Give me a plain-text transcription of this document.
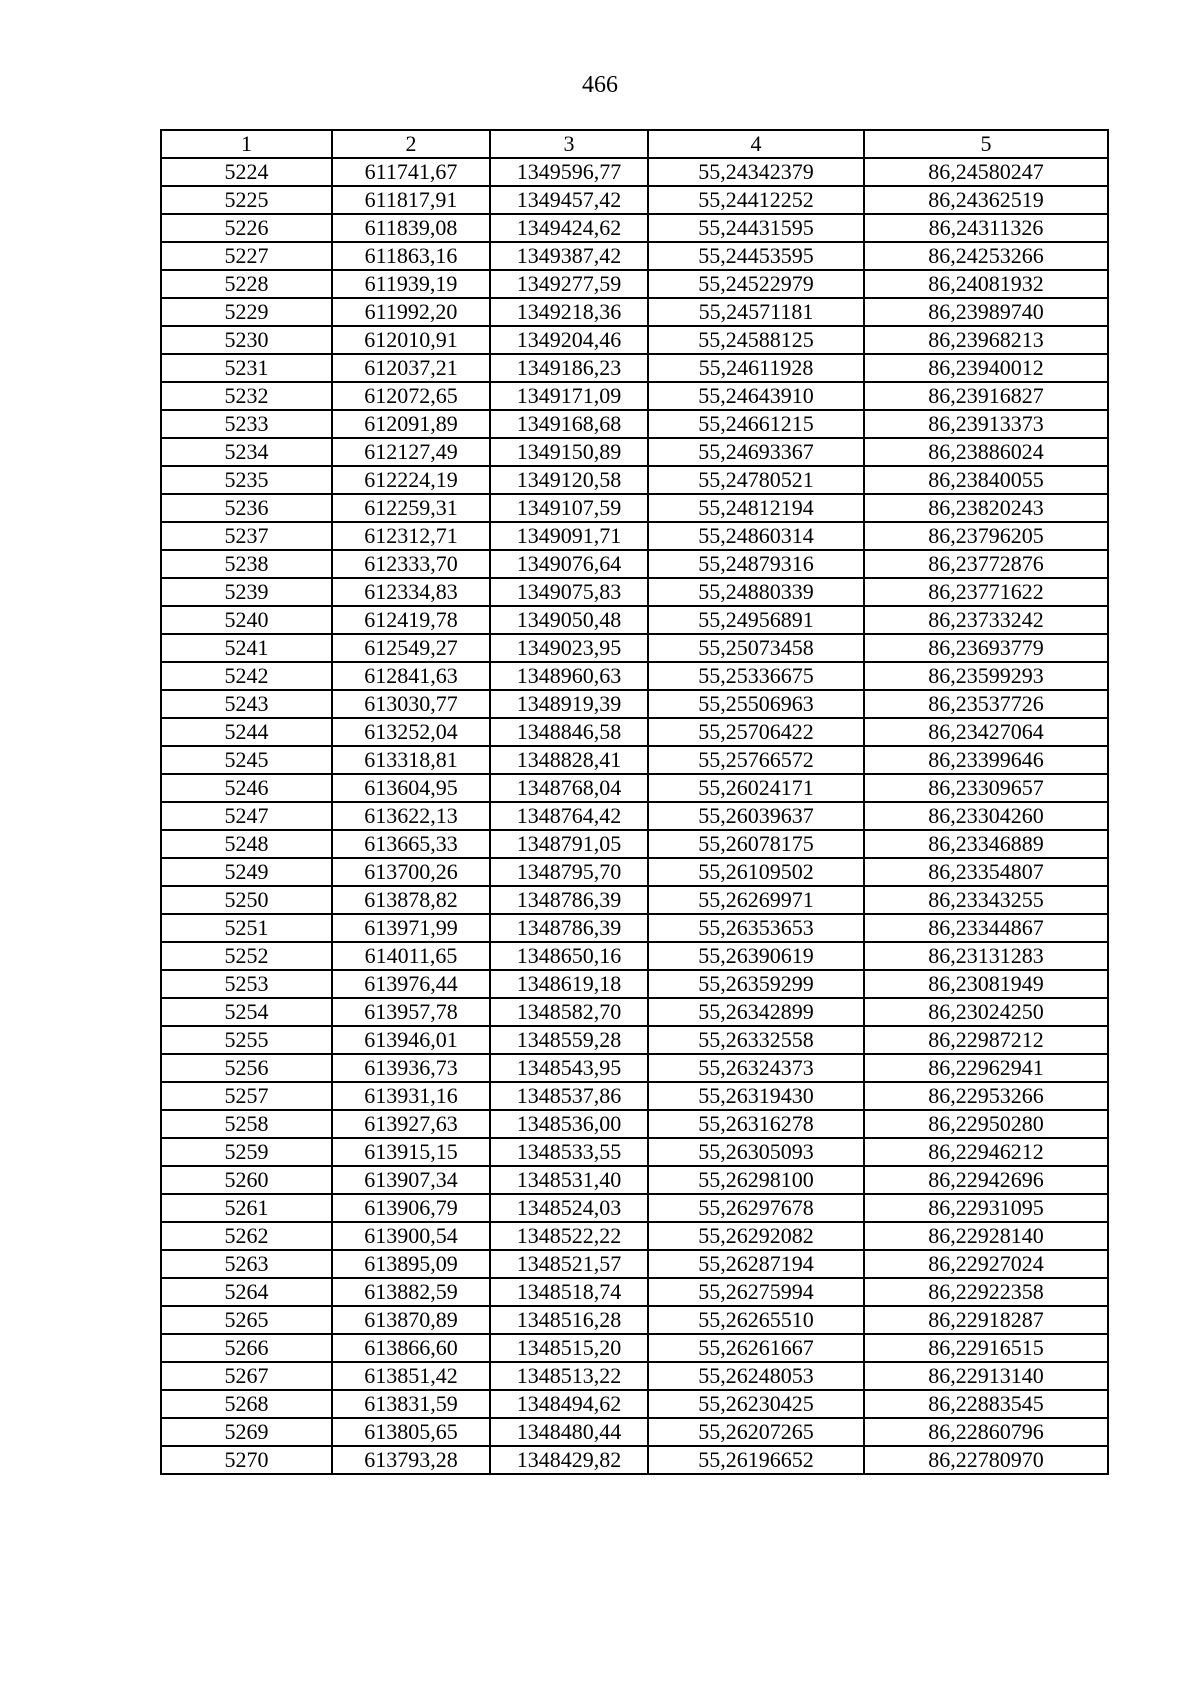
466
1	2	3	4	5
5224	611741,67	1349596,77	55,24342379	86,24580247
5225	611817,91	1349457,42	55,24412252	86,24362519
5226	611839,08	1349424,62	55,24431595	86,24311326
5227	611863,16	1349387,42	55,24453595	86,24253266
5228	611939,19	1349277,59	55,24522979	86,24081932
5229	611992,20	1349218,36	55,24571181	86,23989740
5230	612010,91	1349204,46	55,24588125	86,23968213
5231	612037,21	1349186,23	55,24611928	86,23940012
5232	612072,65	1349171,09	55,24643910	86,23916827
5233	612091,89	1349168,68	55,24661215	86,23913373
5234	612127,49	1349150,89	55,24693367	86,23886024
5235	612224,19	1349120,58	55,24780521	86,23840055
5236	612259,31	1349107,59	55,24812194	86,23820243
5237	612312,71	1349091,71	55,24860314	86,23796205
5238	612333,70	1349076,64	55,24879316	86,23772876
5239	612334,83	1349075,83	55,24880339	86,23771622
5240	612419,78	1349050,48	55,24956891	86,23733242
5241	612549,27	1349023,95	55,25073458	86,23693779
5242	612841,63	1348960,63	55,25336675	86,23599293
5243	613030,77	1348919,39	55,25506963	86,23537726
5244	613252,04	1348846,58	55,25706422	86,23427064
5245	613318,81	1348828,41	55,25766572	86,23399646
5246	613604,95	1348768,04	55,26024171	86,23309657
5247	613622,13	1348764,42	55,26039637	86,23304260
5248	613665,33	1348791,05	55,26078175	86,23346889
5249	613700,26	1348795,70	55,26109502	86,23354807
5250	613878,82	1348786,39	55,26269971	86,23343255
5251	613971,99	1348786,39	55,26353653	86,23344867
5252	614011,65	1348650,16	55,26390619	86,23131283
5253	613976,44	1348619,18	55,26359299	86,23081949
5254	613957,78	1348582,70	55,26342899	86,23024250
5255	613946,01	1348559,28	55,26332558	86,22987212
5256	613936,73	1348543,95	55,26324373	86,22962941
5257	613931,16	1348537,86	55,26319430	86,22953266
5258	613927,63	1348536,00	55,26316278	86,22950280
5259	613915,15	1348533,55	55,26305093	86,22946212
5260	613907,34	1348531,40	55,26298100	86,22942696
5261	613906,79	1348524,03	55,26297678	86,22931095
5262	613900,54	1348522,22	55,26292082	86,22928140
5263	613895,09	1348521,57	55,26287194	86,22927024
5264	613882,59	1348518,74	55,26275994	86,22922358
5265	613870,89	1348516,28	55,26265510	86,22918287
5266	613866,60	1348515,20	55,26261667	86,22916515
5267	613851,42	1348513,22	55,26248053	86,22913140
5268	613831,59	1348494,62	55,26230425	86,22883545
5269	613805,65	1348480,44	55,26207265	86,22860796
5270	613793,28	1348429,82	55,26196652	86,22780970
